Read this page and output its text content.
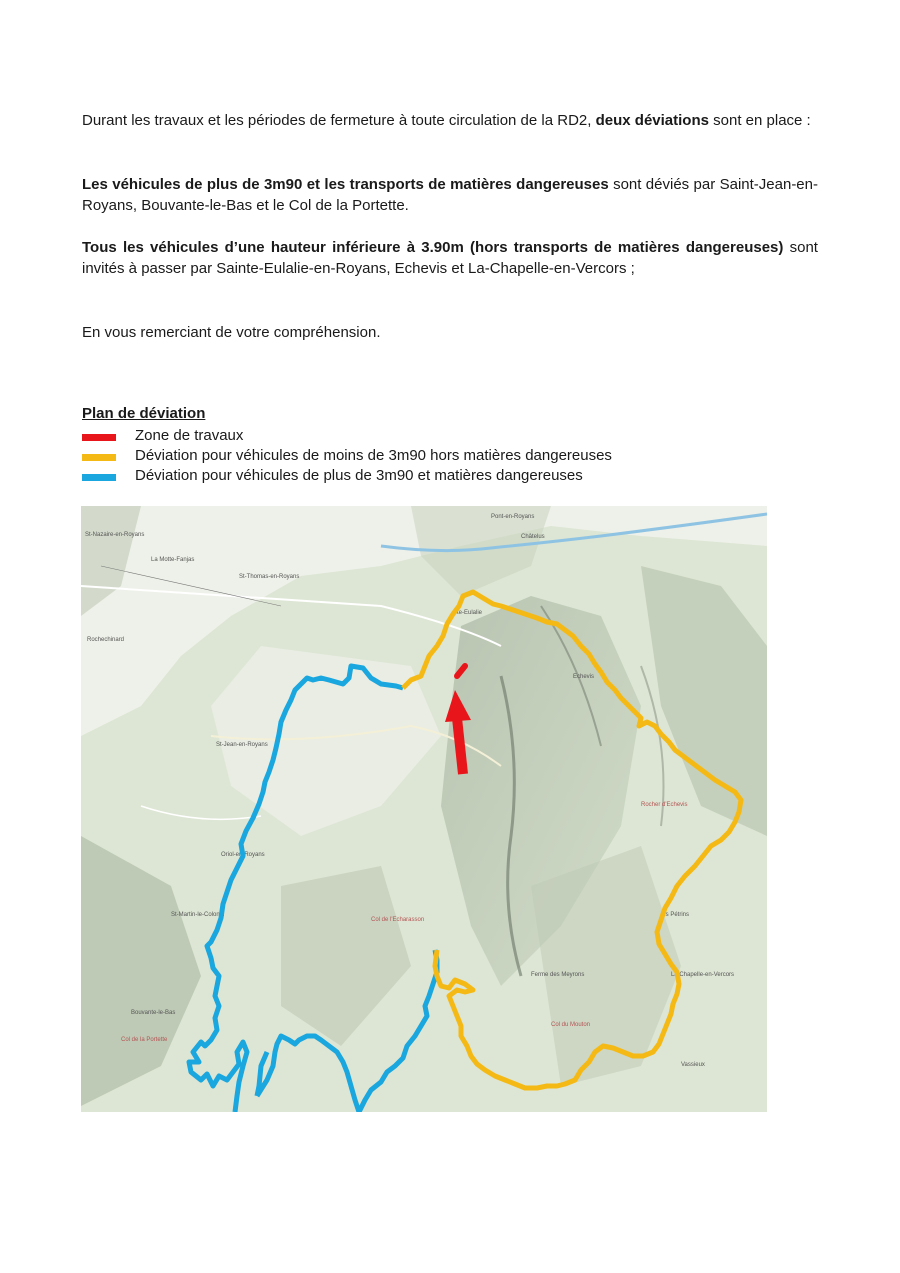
Durant les travaux et les périodes de fermeture à toute circulation de la RD2, deux déviations sont en place :

Les véhicules de plus de 3m90 et les transports de matières dangereuses sont déviés par Saint-Jean-en-Royans, Bouvante-le-Bas et le Col de la Portette.

Tous les véhicules d’une hauteur inférieure à 3.90m (hors transports de matières dangereuses) sont invités à passer par Sainte-Eulalie-en-Royans, Echevis et La-Chapelle-en-Vercors ;

En vous remerciant de votre compréhension.

Plan de déviation

Zone de travaux
Déviation pour véhicules de moins de 3m90 hors matières dangereuses
Déviation pour véhicules de plus de 3m90 et matières dangereuses
St-Jean-en-Royans
Ste-Eulalie
Echevis
La Chapelle-en-Vercors
Bouvante-le-Bas
St-Martin-le-Colonel
Col de la Portette
Col de l'Echarasson
Rochechinard
St-Thomas-en-Royans
La Motte-Fanjas
Pont-en-Royans
Châtelus
St-Nazaire-en-Royans
Col du Mouton
Rocher d'Echevis
les Pétrins
Oriol-en-Royans
Vassieux
Ferme des Meyrons
